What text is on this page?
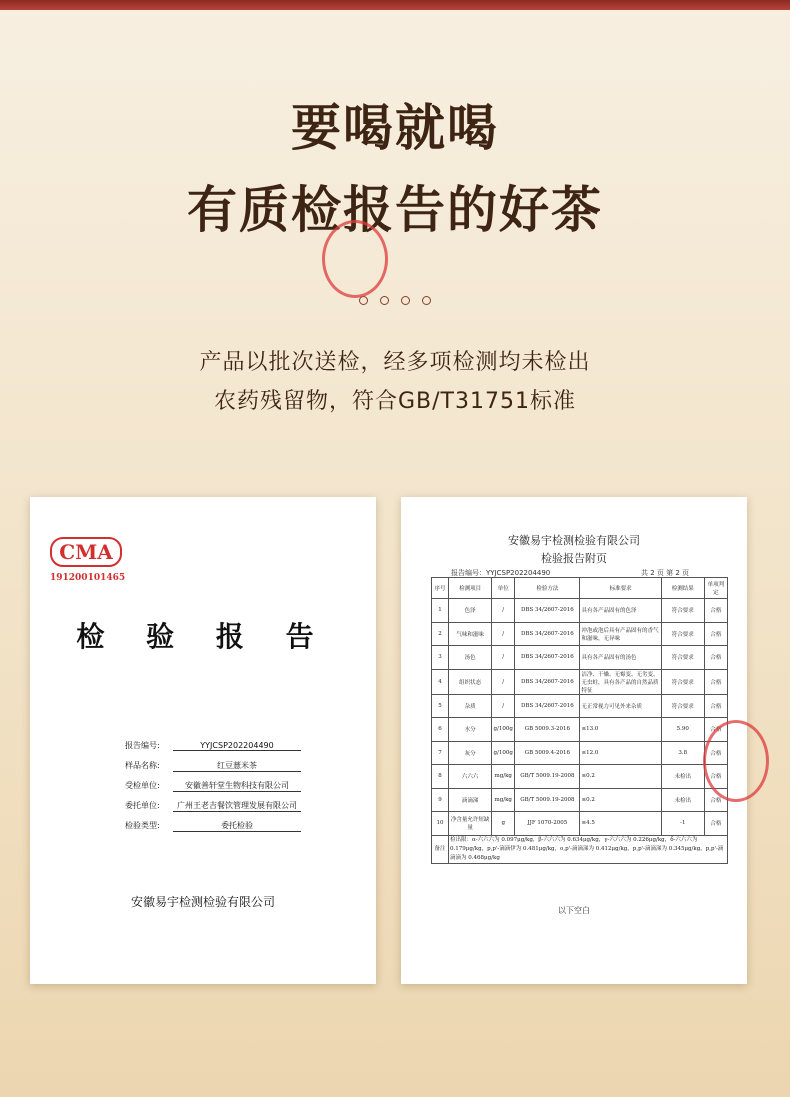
要喝就喝
有质检报告的好茶
产品以批次送检，经多项检测均未检出
农药残留物，符合GB/T31751标准
CMA
191200101465
检 验 报 告
报告编号:	YYJCSP202204490
样品名称:	红豆薏米茶
受检单位:	安徽善轩堂生物科技有限公司
委托单位: 广州王老吉餐饮管理发展有限公司
检验类型:	委托检验
安徽易宇检测检验有限公司
安徽易宇检测检验有限公司
检验报告附页
报告编号：YYJCSP202204490	共 2 页 第 2 页
序号	检测项目	单位	检验方法	标准要求	检测结果	单项判定
1	色泽	/	DBS 34/2607-2016	具有各产品固有的色泽	符合要求	合格
2	气味和滋味	/	DBS 34/2607-2016	冲泡或泡后具有产品固有的香气和滋味，无异味	符合要求	合格
3	汤色	/	DBS 34/2607-2016	具有各产品固有的汤色	符合要求	合格
4	组织状态	/	DBS 34/2607-2016	洁净、干燥、无霉变、无劣变、无虫蛀，具有各产品的自然品质特征	符合要求	合格
5	杂质	/	DBS 34/2607-2016	无正常视力可见外来杂质	符合要求	合格
6	水分	g/100g	GB 5009.3-2016	≤13.0	5.90	合格
7	灰分	g/100g	GB 5009.4-2016	≤12.0	3.8	合格
8	六六六	mg/kg	GB/T 5009.19-2008	≤0.2	未检出	合格
9	滴滴涕	mg/kg	GB/T 5009.19-2008	≤0.2	未检出	合格
10	净含量允许短缺量	g	JJF 1070-2005	≤4.5	-1	合格
备注	检出限：α-六六六为 0.097μg/kg，β-六六六为 0.634μg/kg，γ-六六六为 0.226μg/kg，δ-六六六为 0.179μg/kg，p,p'-滴滴伊为 0.481μg/kg，o,p'-滴滴涕为 0.412μg/kg，p,p'-滴滴涕为 0.345μg/kg，p,p'-滴滴滴为 0.468μg/kg					
以下空白
